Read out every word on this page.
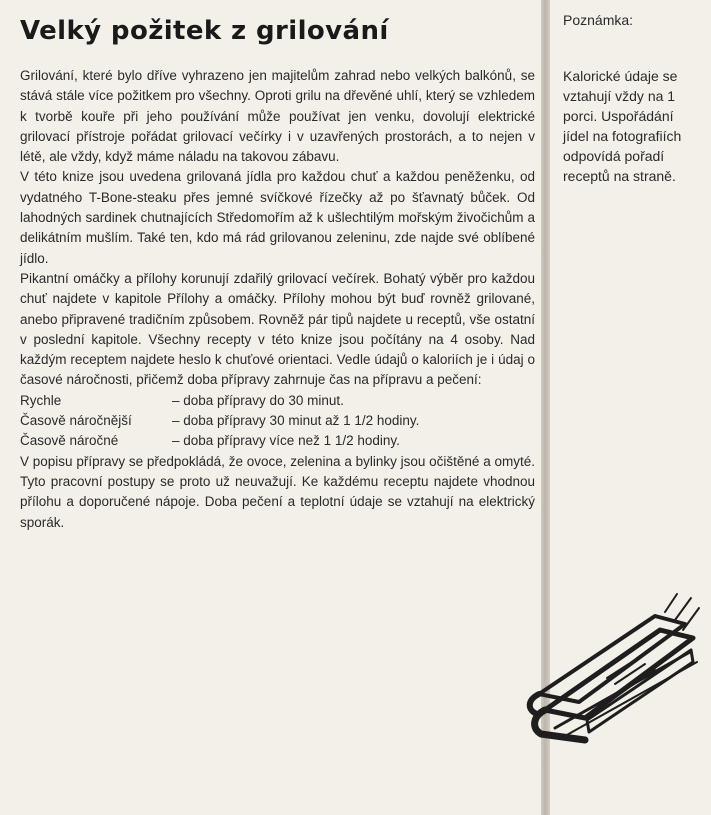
Velký požitek z grilování

Grilování, které bylo dříve vyhrazeno jen majitelům zahrad nebo velkých balkónů, se stává stále více požitkem pro všechny. Oproti grilu na dřevěné uhlí, který se vzhledem k tvorbě kouře při jeho používání může používat jen venku, dovolují elektrické grilovací přístroje pořádat grilovací večírky i v uzavřených prostorách, a to nejen v létě, ale vždy, když máme náladu na takovou zábavu.

V této knize jsou uvedena grilovaná jídla pro každou chuť a každou peněženku, od vydatného T-Bone-steaku přes jemné svíčkové řízečky až po šťavnatý bůček. Od lahodných sardinek chutnajících Středomořím až k ušlechtilým mořským živočichům a delikátním mušlím. Také ten, kdo má rád grilovanou zeleninu, zde najde své oblíbené jídlo.

Pikantní omáčky a přílohy korunují zdařilý grilovací večírek. Bohatý výběr pro každou chuť najdete v kapitole Přílohy a omáčky. Přílohy mohou být buď rovněž grilované, anebo připravené tradičním způsobem. Rovněž pár tipů najdete u receptů, vše ostatní v poslední kapitole. Všechny recepty v této knize jsou počítány na 4 osoby. Nad každým receptem najdete heslo k chuťové orientaci. Vedle údajů o kaloriích je i údaj o časové náročnosti, přičemž doba přípravy zahrnuje čas na přípravu a pečení:

Rychle	– doba přípravy do 30 minut.
Časově náročnější	– doba přípravy 30 minut až 1 1/2 hodiny.
Časově náročné	– doba přípravy více než 1 1/2 hodiny.

V popisu přípravy se předpokládá, že ovoce, zelenina a bylinky jsou očištěné a omyté. Tyto pracovní postupy se proto už neuvažují. Ke každému receptu najdete vhodnou přílohu a doporučené nápoje. Doba pečení a teplotní údaje se vztahují na elektrický sporák.

Poznámka:
Kalorické údaje se vztahují vždy na 1 porci. Uspořádání jídel na fotografiích odpovídá pořadí receptů na straně.
